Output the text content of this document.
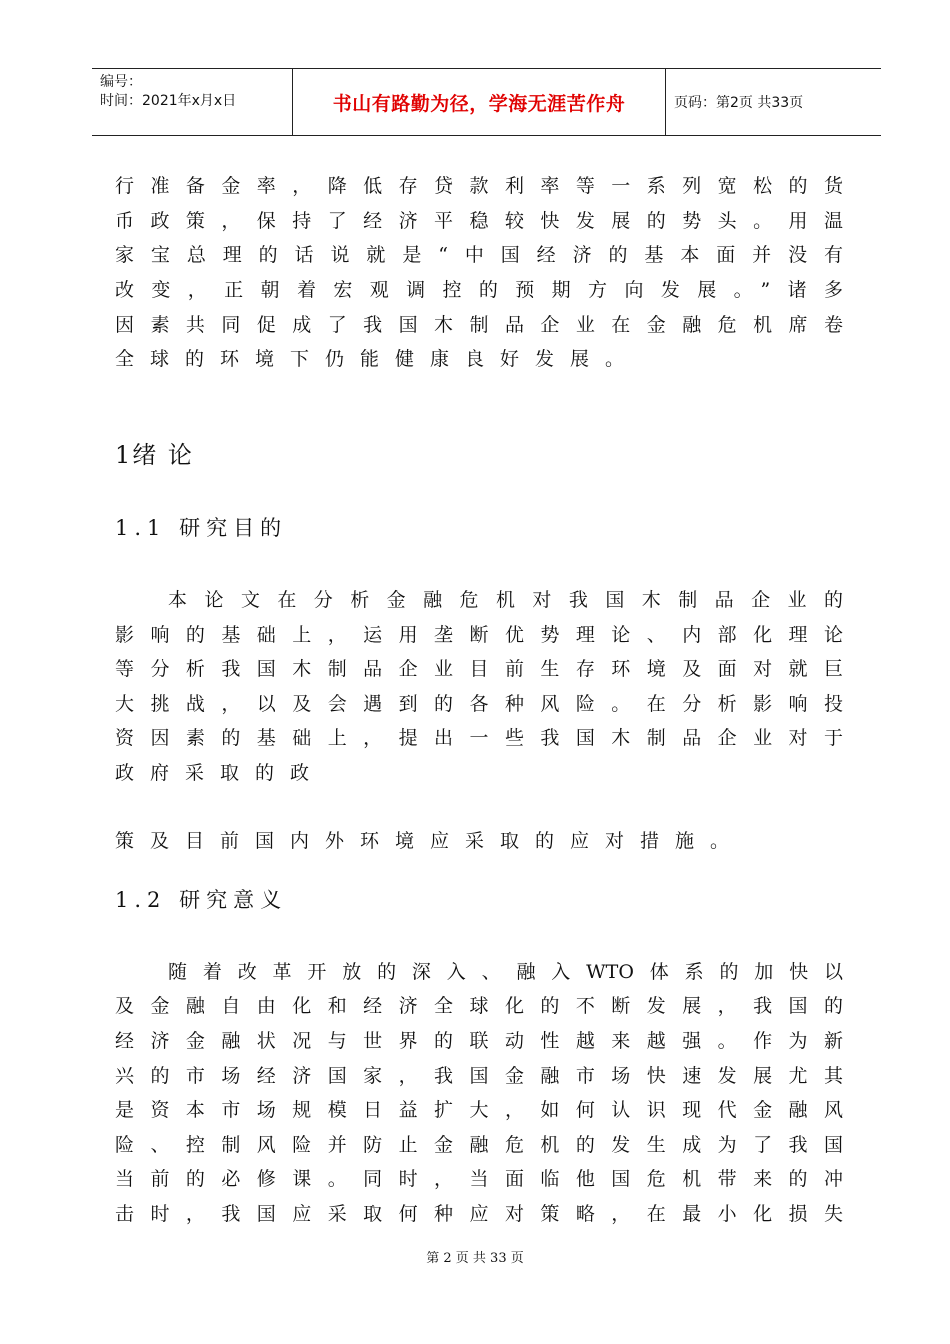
编号：
时间：2021年x月x日	书山有路勤为径，学海无涯苦作舟	页码：第2页 共33页
行准备金率，降低存贷款利率等一系列宽松的货
币政策，保持了经济平稳较快发展的势头。用温
家宝总理的话说就是“中国经济的基本面并没有
改变，正朝着宏观调控的预期方向发展。”诸多
因素共同促成了我国木制品企业在金融危机席卷
全球的环境下仍能健康良好发展。
1绪 论
1.1 研究目的
本论文在分析金融危机对我国木制品企业的
影响的基础上，运用垄断优势理论、内部化理论
等分析我国木制品企业目前生存环境及面对就巨
大挑战，以及会遇到的各种风险。在分析影响投
资因素的基础上，提出一些我国木制品企业对于
政府采取的政
策及目前国内外环境应采取的应对措施。
1.2 研究意义
随着改革开放的深入、融入WTO体系的加快以
及金融自由化和经济全球化的不断发展，我国的
经济金融状况与世界的联动性越来越强。作为新
兴的市场经济国家，我国金融市场快速发展尤其
是资本市场规模日益扩大，如何认识现代金融风
险、控制风险并防止金融危机的发生成为了我国
当前的必修课。同时，当面临他国危机带来的冲
击时，我国应采取何种应对策略，在最小化损失
第 2 页 共 33 页
